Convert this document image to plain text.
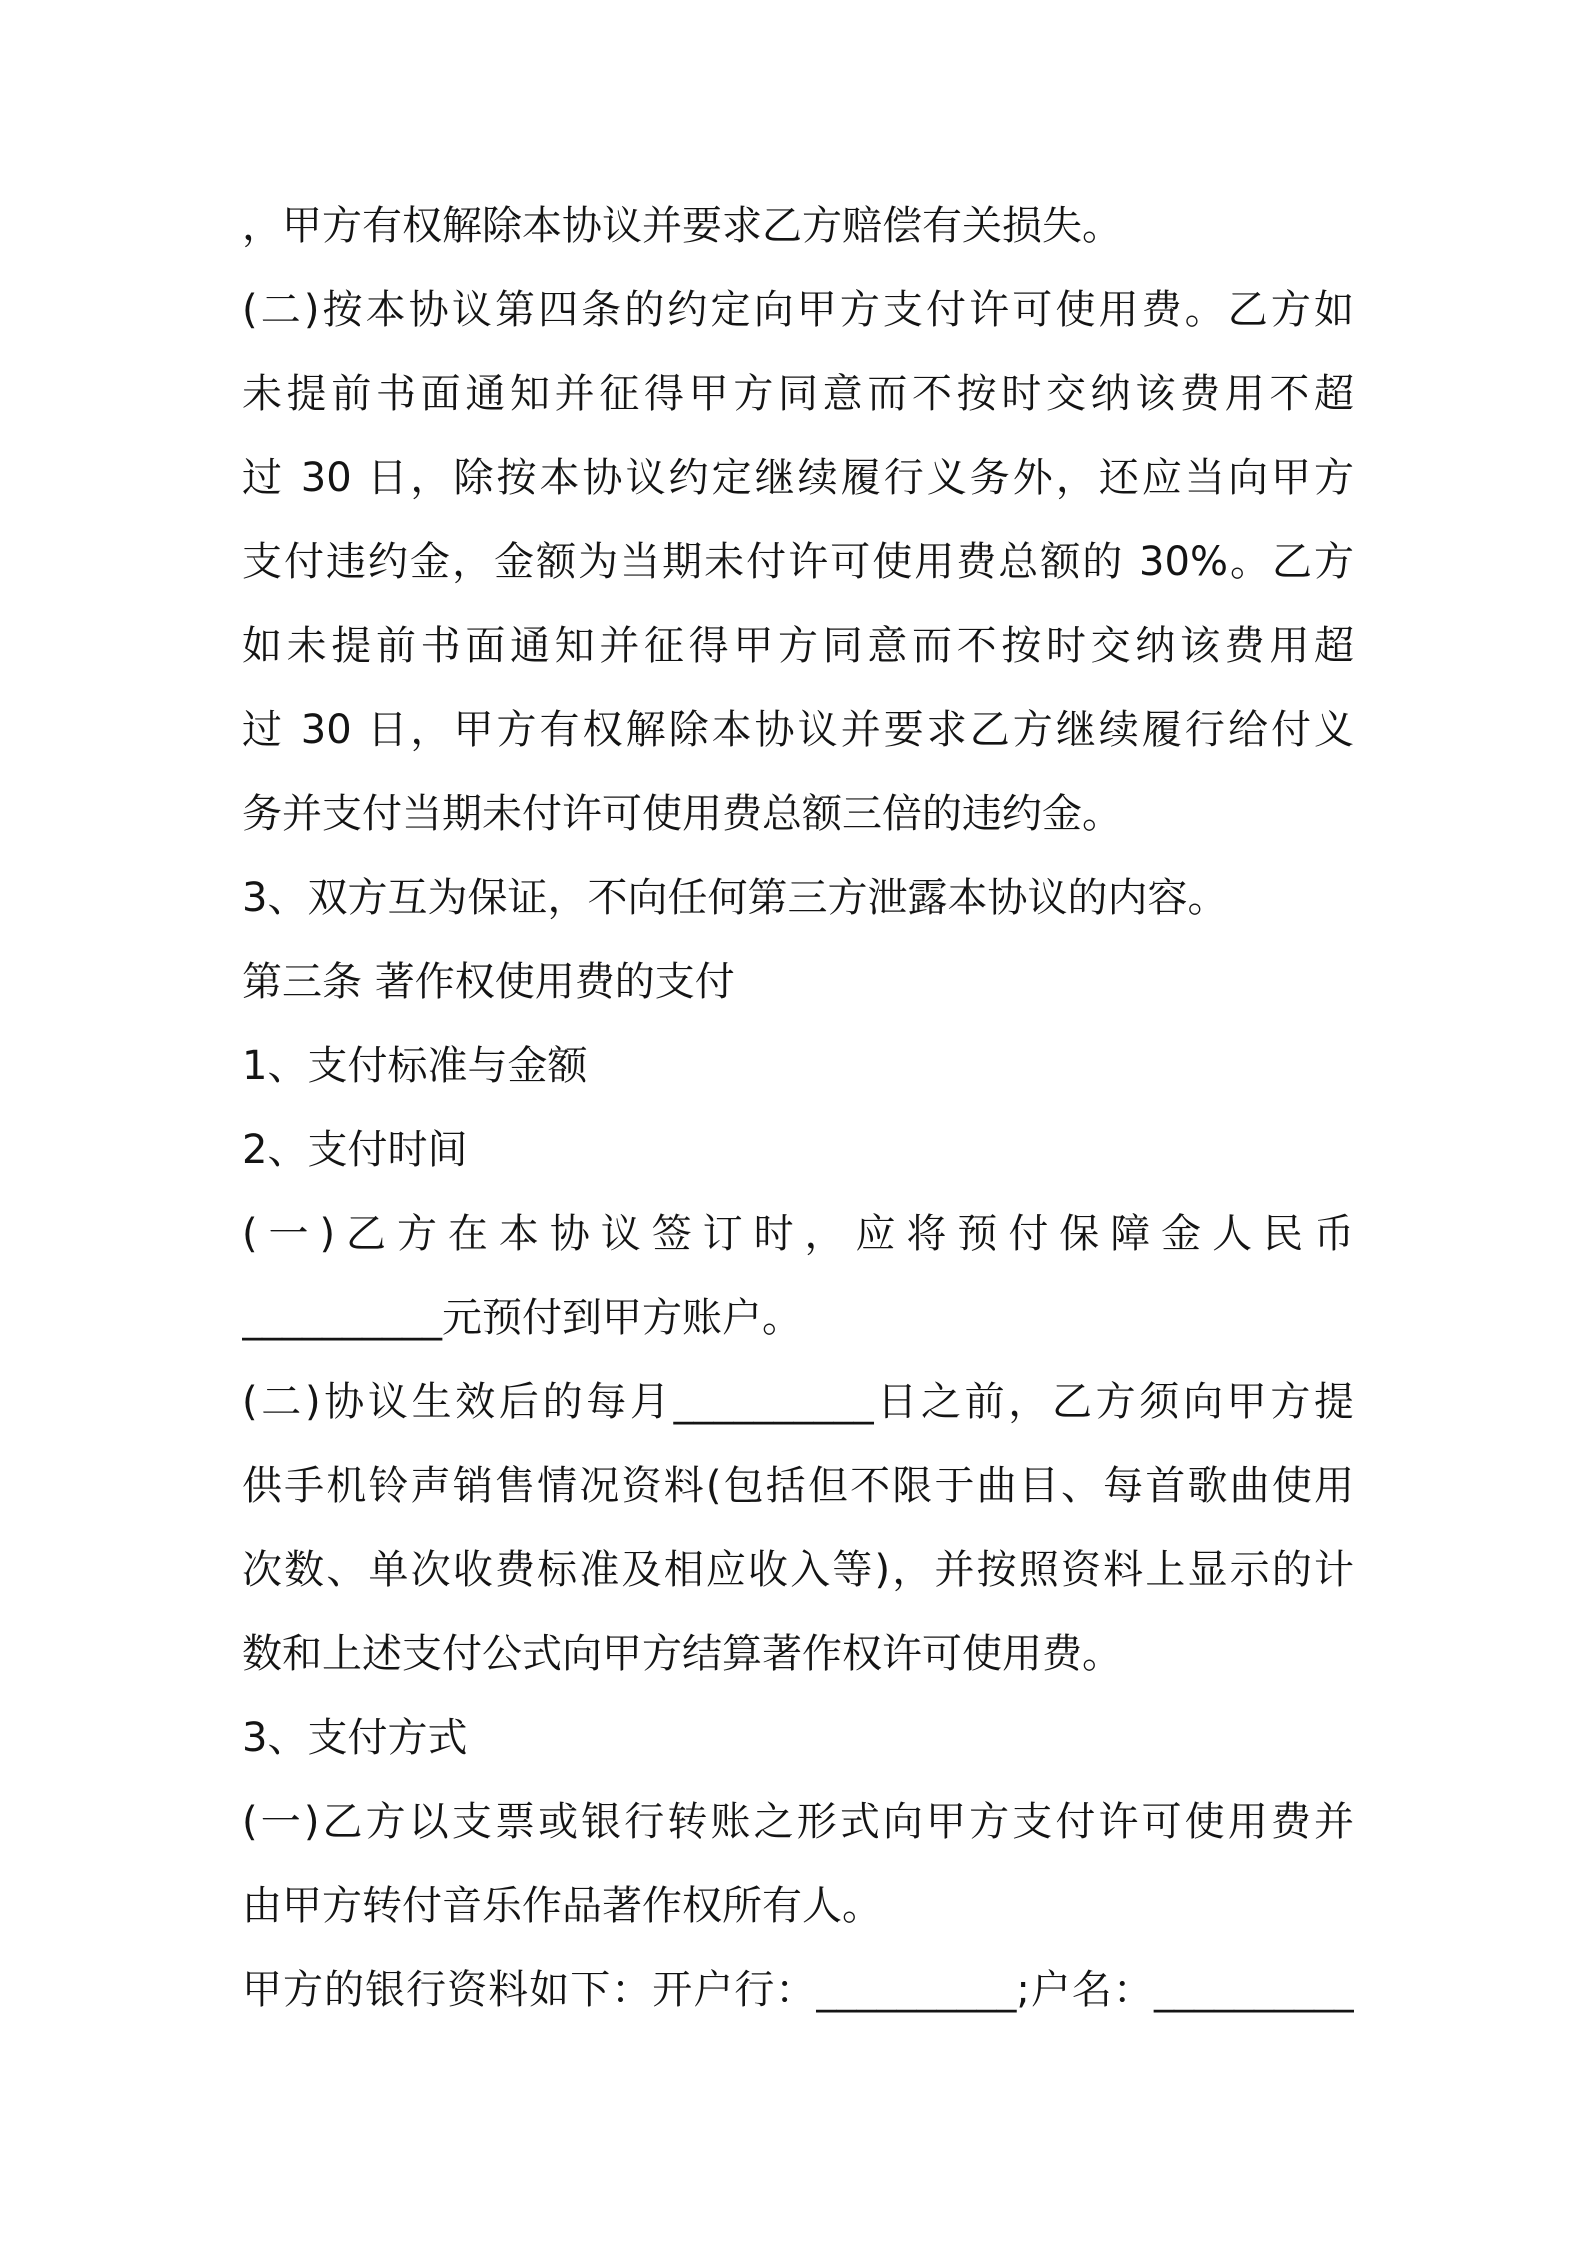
，甲方有权解除本协议并要求乙方赔偿有关损失。
(二)按本协议第四条的约定向甲方支付许可使用费。乙方如
未提前书面通知并征得甲方同意而不按时交纳该费用不超
过 30 日，除按本协议约定继续履行义务外，还应当向甲方
支付违约金，金额为当期未付许可使用费总额的 30%。乙方
如未提前书面通知并征得甲方同意而不按时交纳该费用超
过 30 日，甲方有权解除本协议并要求乙方继续履行给付义
务并支付当期未付许可使用费总额三倍的违约金。
3、双方互为保证，不向任何第三方泄露本协议的内容。
第三条 著作权使用费的支付
1、支付标准与金额
2、支付时间
(一)乙方在本协议签订时，应将预付保障金人民币
__________元预付到甲方账户。
(二)协议生效后的每月__________日之前，乙方须向甲方提
供手机铃声销售情况资料(包括但不限于曲目、每首歌曲使用
次数、单次收费标准及相应收入等)，并按照资料上显示的计
数和上述支付公式向甲方结算著作权许可使用费。
3、支付方式
(一)乙方以支票或银行转账之形式向甲方支付许可使用费并
由甲方转付音乐作品著作权所有人。
甲方的银行资料如下：开户行：__________;户名：__________
